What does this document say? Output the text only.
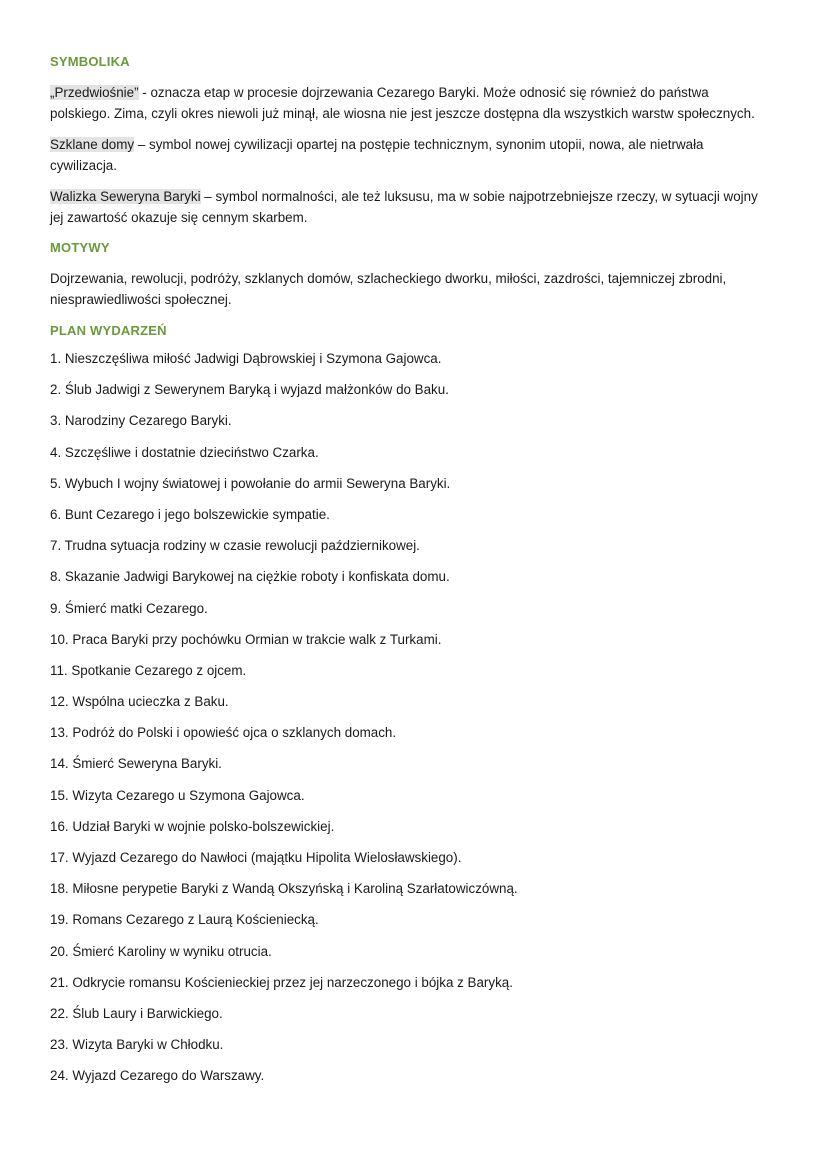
SYMBOLIKA

„Przedwiośnie” - oznacza etap w procesie dojrzewania Cezarego Baryki. Może odnosić się również do państwa polskiego. Zima, czyli okres niewoli już minął, ale wiosna nie jest jeszcze dostępna dla wszystkich warstw społecznych.

Szklane domy – symbol nowej cywilizacji opartej na postępie technicznym, synonim utopii, nowa, ale nietrwała cywilizacja.

Walizka Seweryna Baryki – symbol normalności, ale też luksusu, ma w sobie najpotrzebniejsze rzeczy, w sytuacji wojny jej zawartość okazuje się cennym skarbem.

MOTYWY

Dojrzewania, rewolucji, podróży, szklanych domów, szlacheckiego dworku, miłości, zazdrości, tajemniczej zbrodni, niesprawiedliwości społecznej.

PLAN WYDARZEŃ
1. Nieszczęśliwa miłość Jadwigi Dąbrowskiej i Szymona Gajowca.
2. Ślub Jadwigi z Sewerynem Baryką i wyjazd małżonków do Baku.
3. Narodziny Cezarego Baryki.
4. Szczęśliwe i dostatnie dzieciństwo Czarka.
5. Wybuch I wojny światowej i powołanie do armii Seweryna Baryki.
6. Bunt Cezarego i jego bolszewickie sympatie.
7. Trudna sytuacja rodziny w czasie rewolucji październikowej.
8. Skazanie Jadwigi Barykowej na ciężkie roboty i konfiskata domu.
9. Śmierć matki Cezarego.
10. Praca Baryki przy pochówku Ormian w trakcie walk z Turkami.
11. Spotkanie Cezarego z ojcem.
12. Wspólna ucieczka z Baku.
13. Podróż do Polski i opowieść ojca o szklanych domach.
14. Śmierć Seweryna Baryki.
15. Wizyta Cezarego u Szymona Gajowca.
16. Udział Baryki w wojnie polsko-bolszewickiej.
17. Wyjazd Cezarego do Nawłoci (majątku Hipolita Wielosławskiego).
18. Miłosne perypetie Baryki z Wandą Okszyńską i Karoliną Szarłatowiczówną.
19. Romans Cezarego z Laurą Kościeniecką.
20. Śmierć Karoliny w wyniku otrucia.
21. Odkrycie romansu Kościenieckiej przez jej narzeczonego i bójka z Baryką.
22. Ślub Laury i Barwickiego.
23. Wizyta Baryki w Chłodku.
24. Wyjazd Cezarego do Warszawy.
